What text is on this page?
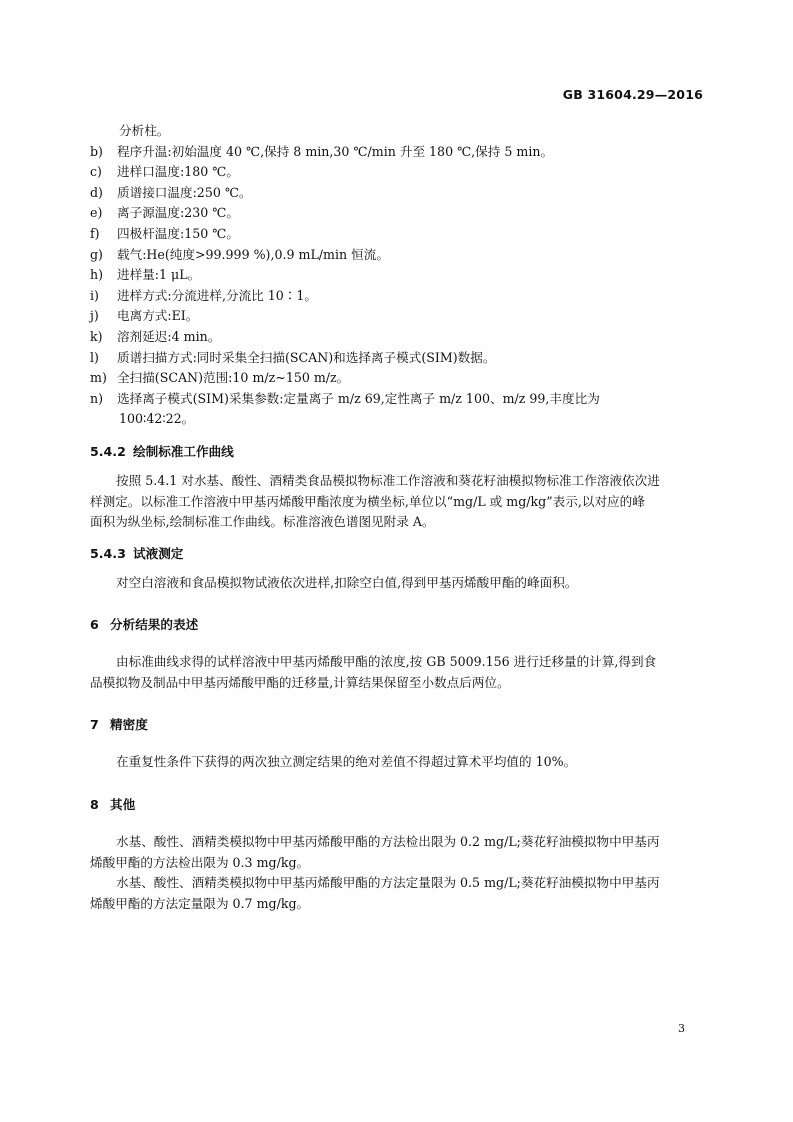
GB 31604.29—2016
分析柱。
b)	程序升温:初始温度 40 ℃,保持 8 min,30 ℃/min 升至 180 ℃,保持 5 min。
c)	进样口温度:180 ℃。
d)	质谱接口温度:250 ℃。
e)	离子源温度:230 ℃。
f)	四极杆温度:150 ℃。
g)	载气:He(纯度>99.999 %),0.9 mL/min 恒流。
h)	进样量:1 μL。
i)	进样方式:分流进样,分流比 10∶1。
j)	电离方式:EI。
k)	溶剂延迟:4 min。
l)	质谱扫描方式:同时采集全扫描(SCAN)和选择离子模式(SIM)数据。
m) 全扫描(SCAN)范围:10 m/z~150 m/z。
n)	选择离子模式(SIM)采集参数:定量离子 m/z 69,定性离子 m/z 100、m/z 99,丰度比为
100∶42∶22。
5.4.2 绘制标准工作曲线
按照 5.4.1 对水基、酸性、酒精类食品模拟物标准工作溶液和葵花籽油模拟物标准工作溶液依次进
样测定。以标准工作溶液中甲基丙烯酸甲酯浓度为横坐标,单位以“mg/L 或 mg/kg”表示,以对应的峰
面积为纵坐标,绘制标准工作曲线。标准溶液色谱图见附录 A。
5.4.3 试液测定
对空白溶液和食品模拟物试液依次进样,扣除空白值,得到甲基丙烯酸甲酯的峰面积。
6 分析结果的表述
由标准曲线求得的试样溶液中甲基丙烯酸甲酯的浓度,按 GB 5009.156 进行迁移量的计算,得到食
品模拟物及制品中甲基丙烯酸甲酯的迁移量,计算结果保留至小数点后两位。
7 精密度
在重复性条件下获得的两次独立测定结果的绝对差值不得超过算术平均值的 10%。
8 其他
水基、酸性、酒精类模拟物中甲基丙烯酸甲酯的方法检出限为 0.2 mg/L;葵花籽油模拟物中甲基丙
烯酸甲酯的方法检出限为 0.3 mg/kg。
水基、酸性、酒精类模拟物中甲基丙烯酸甲酯的方法定量限为 0.5 mg/L;葵花籽油模拟物中甲基丙
烯酸甲酯的方法定量限为 0.7 mg/kg。
3
